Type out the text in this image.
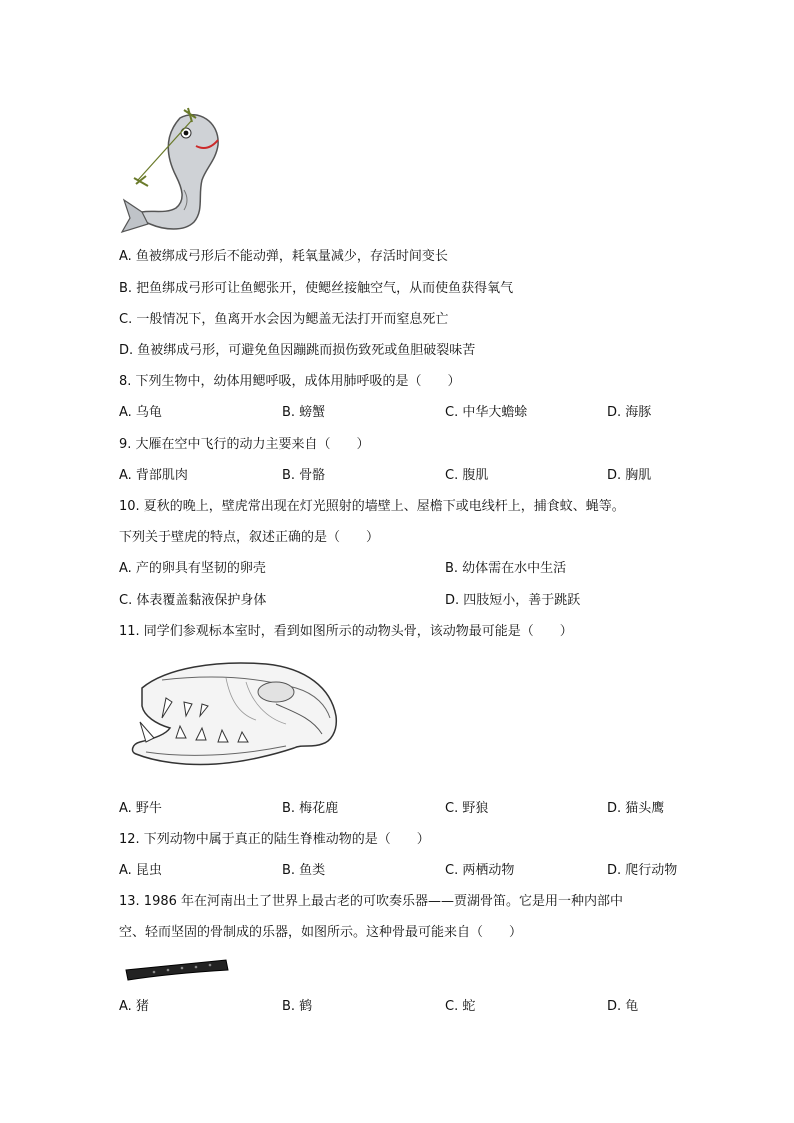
A. 鱼被绑成弓形后不能动弹，耗氧量减少，存活时间变长
B. 把鱼绑成弓形可让鱼鳃张开，使鳃丝接触空气，从而使鱼获得氧气
C. 一般情况下，鱼离开水会因为鳃盖无法打开而窒息死亡
D. 鱼被绑成弓形，可避免鱼因蹦跳而损伤致死或鱼胆破裂味苦
8. 下列生物中，幼体用鳃呼吸，成体用肺呼吸的是（　　）
A. 乌龟	B. 螃蟹	C. 中华大蟾蜍	D. 海豚
9. 大雁在空中飞行的动力主要来自（　　）
A. 背部肌肉	B. 骨骼	C. 腹肌	D. 胸肌
10. 夏秋的晚上，壁虎常出现在灯光照射的墙壁上、屋檐下或电线杆上，捕食蚊、蝇等。
下列关于壁虎的特点，叙述正确的是（　　）
A. 产的卵具有坚韧的卵壳	B. 幼体需在水中生活
C. 体表覆盖黏液保护身体	D. 四肢短小，善于跳跃
11. 同学们参观标本室时，看到如图所示的动物头骨，该动物最可能是（　　）
A. 野牛	B. 梅花鹿	C. 野狼	D. 猫头鹰
12. 下列动物中属于真正的陆生脊椎动物的是（　　）
A. 昆虫	B. 鱼类	C. 两栖动物	D. 爬行动物
13. 1986 年在河南出土了世界上最古老的可吹奏乐器——贾湖骨笛。它是用一种内部中
空、轻而坚固的骨制成的乐器，如图所示。这种骨最可能来自（　　）
A. 猪	B. 鹤	C. 蛇	D. 龟
